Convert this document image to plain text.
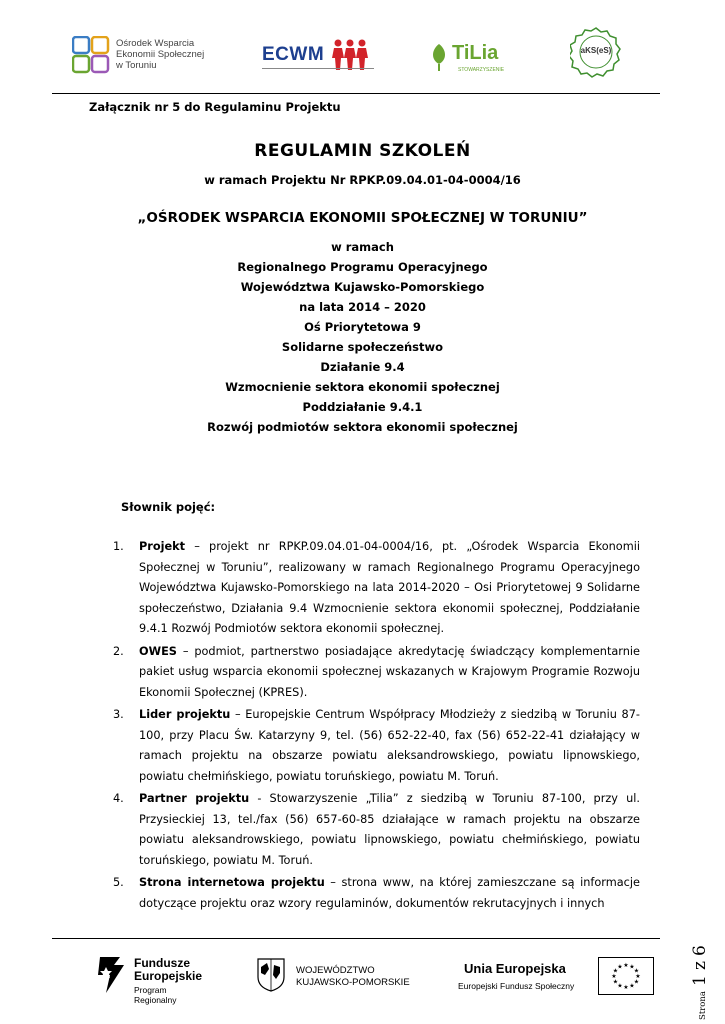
Ośrodek Wsparcia
Ekonomii Społecznej
w Toruniu
ECWM	TiLia
STOWARZYSZENIE
aKS(eS)
Załącznik nr 5 do Regulaminu Projektu
REGULAMIN SZKOLEŃ
w ramach Projektu Nr RPKP.09.04.01-04-0004/16
„OŚRODEK WSPARCIA EKONOMII SPOŁECZNEJ W TORUNIU”
w ramach
Regionalnego Programu Operacyjnego
Województwa Kujawsko-Pomorskiego
na lata 2014 – 2020
Oś Priorytetowa 9
Solidarne społeczeństwo
Działanie 9.4
Wzmocnienie sektora ekonomii społecznej
Poddziałanie 9.4.1
Rozwój podmiotów sektora ekonomii społecznej
Słownik pojęć:
1. Projekt – projekt nr RPKP.09.04.01-04-0004/16, pt. „Ośrodek Wsparcia Ekonomii Społecznej w Toruniu”, realizowany w ramach Regionalnego Programu Operacyjnego Województwa Kujawsko-Pomorskiego na lata 2014-2020 – Osi Priorytetowej 9 Solidarne społeczeństwo, Działania 9.4 Wzmocnienie sektora ekonomii społecznej, Poddziałanie 9.4.1 Rozwój Podmiotów sektora ekonomii społecznej.
2. OWES – podmiot, partnerstwo posiadające akredytację świadczący komplementarnie pakiet usług wsparcia ekonomii społecznej wskazanych w Krajowym Programie Rozwoju Ekonomii Społecznej (KPRES).
3. Lider projektu – Europejskie Centrum Współpracy Młodzieży z siedzibą w Toruniu 87-100, przy Placu Św. Katarzyny 9, tel. (56) 652-22-40, fax (56) 652-22-41 działający w ramach projektu na obszarze powiatu aleksandrowskiego, powiatu lipnowskiego, powiatu chełmińskiego, powiatu toruńskiego, powiatu M. Toruń.
4. Partner projektu - Stowarzyszenie „Tilia” z siedzibą w Toruniu 87-100, przy ul. Przysieckiej 13, tel./fax (56) 657-60-85 działające w ramach projektu na obszarze powiatu aleksandrowskiego, powiatu lipnowskiego, powiatu chełmińskiego, powiatu toruńskiego, powiatu M. Toruń.
5. Strona internetowa projektu – strona www, na której zamieszczane są informacje dotyczące projektu oraz wzory regulaminów, dokumentów rekrutacyjnych i innych
Fundusze
Europejskie
Program Regionalny
WOJEWÓDZTWO
KUJAWSKO-POMORSKIE
Unia Europejska
Europejski Fundusz Społeczny
★ ★
★
★
★
★
★
★
★
★
★
★
Strona 1 z 6
